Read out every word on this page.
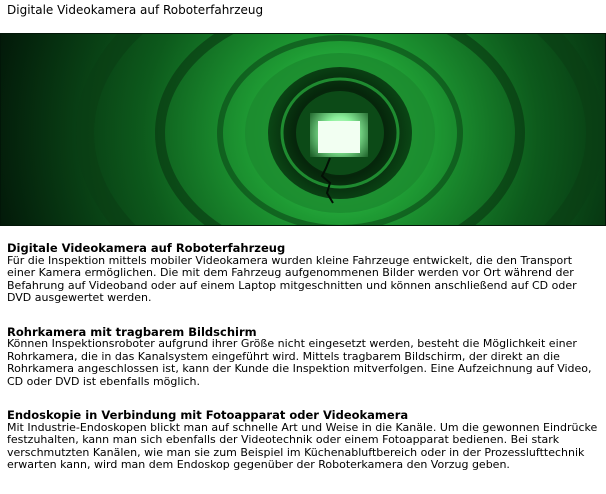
Digitale Videokamera auf Roboterfahrzeug

Digitale Videokamera auf Roboterfahrzeug

Für die Inspektion mittels mobiler Videokamera wurden kleine Fahrzeuge entwickelt, die den Transport einer Kamera ermöglichen. Die mit dem Fahrzeug aufgenommenen Bilder werden vor Ort während der Befahrung auf Videoband oder auf einem Laptop mitgeschnitten und können anschließend auf CD oder DVD ausgewertet werden.

Rohrkamera mit tragbarem Bildschirm

Können Inspektionsroboter aufgrund ihrer Größe nicht eingesetzt werden, besteht die Möglichkeit einer Rohrkamera, die in das Kanalsystem eingeführt wird. Mittels tragbarem Bildschirm, der direkt an die Rohrkamera angeschlossen ist, kann der Kunde die Inspektion mitverfolgen. Eine Aufzeichnung auf Video, CD oder DVD ist ebenfalls möglich.

Endoskopie in Verbindung mit Fotoapparat oder Videokamera

Mit Industrie-Endoskopen blickt man auf schnelle Art und Weise in die Kanäle. Um die gewonnen Eindrücke festzuhalten, kann man sich ebenfalls der Videotechnik oder einem Fotoapparat bedienen. Bei stark verschmutzten Kanälen, wie man sie zum Beispiel im Küchenabluftbereich oder in der Prozesslufttechnik erwarten kann, wird man dem Endoskop gegenüber der Roboterkamera den Vorzug geben.
